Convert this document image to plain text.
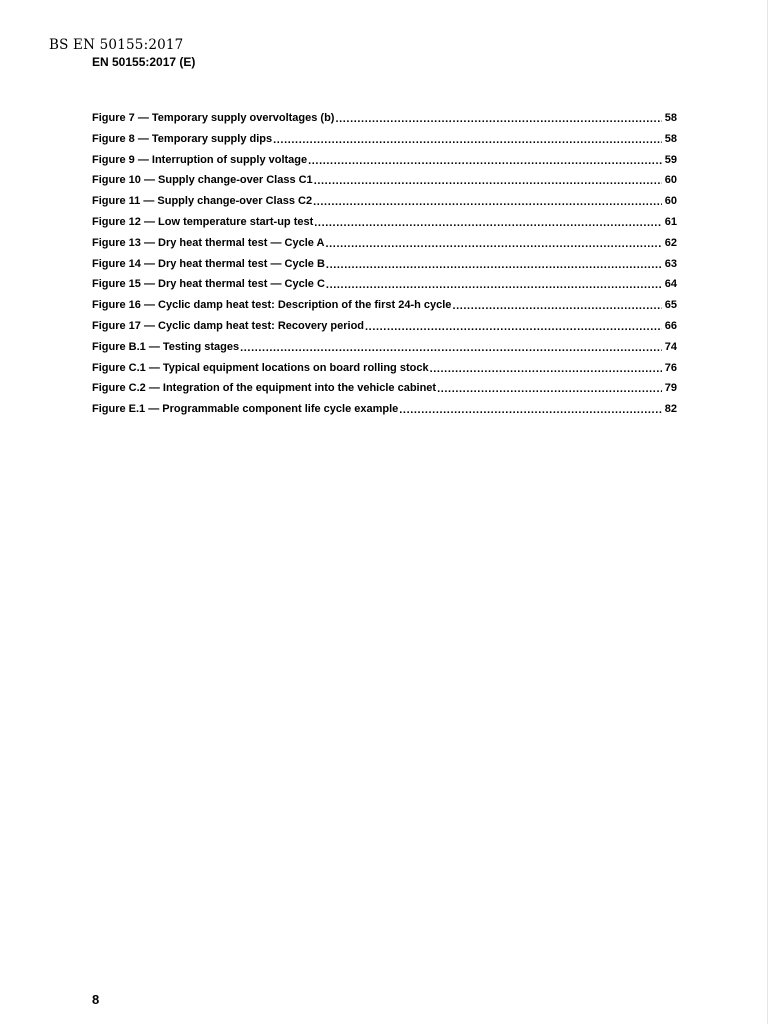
BS EN 50155:2017
EN 50155:2017 (E)
Figure 7 — Temporary supply overvoltages (b) .....	58
Figure 8 — Temporary supply dips .....	58
Figure 9 — Interruption of supply voltage .....	59
Figure 10 — Supply change-over Class C1 .....	60
Figure 11 — Supply change-over Class C2 .....	60
Figure 12 — Low temperature start-up test .....	61
Figure 13 — Dry heat thermal test — Cycle A .....	62
Figure 14 — Dry heat thermal test — Cycle B .....	63
Figure 15 — Dry heat thermal test — Cycle C .....	64
Figure 16 — Cyclic damp heat test: Description of the first 24-h cycle .....	65
Figure 17 — Cyclic damp heat test: Recovery period .....	66
Figure B.1 — Testing stages .....	74
Figure C.1 — Typical equipment locations on board rolling stock .....	76
Figure C.2 — Integration of the equipment into the vehicle cabinet .....	79
Figure E.1 — Programmable component life cycle example .....	82
8
